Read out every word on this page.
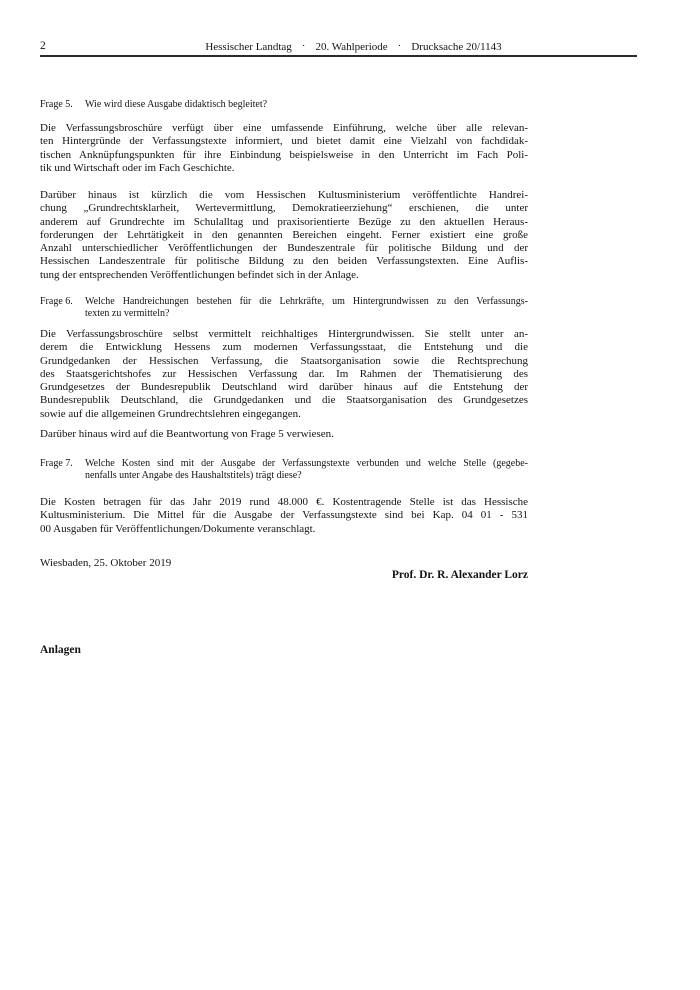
2	Hessischer Landtag · 20. Wahlperiode · Drucksache 20/1143
Frage 5. Wie wird diese Ausgabe didaktisch begleitet?
Die Verfassungsbroschüre verfügt über eine umfassende Einführung, welche über alle relevan-
ten Hintergründe der Verfassungstexte informiert, und bietet damit eine Vielzahl von fachdidak-
tischen Anknüpfungspunkten für ihre Einbindung beispielsweise in den Unterricht im Fach Poli-
tik und Wirtschaft oder im Fach Geschichte.
Darüber hinaus ist kürzlich die vom Hessischen Kultusministerium veröffentlichte Handrei-
chung „Grundrechtsklarheit, Wertevermittlung, Demokratieerziehung“ erschienen, die unter
anderem auf Grundrechte im Schulalltag und praxisorientierte Bezüge zu den aktuellen Heraus-
forderungen der Lehrtätigkeit in den genannten Bereichen eingeht. Ferner existiert eine große
Anzahl unterschiedlicher Veröffentlichungen der Bundeszentrale für politische Bildung und der
Hessischen Landeszentrale für politische Bildung zu den beiden Verfassungstexten. Eine Auflis-
tung der entsprechenden Veröffentlichungen befindet sich in der Anlage.
Frage 6. Welche Handreichungen bestehen für die Lehrkräfte, um Hintergrundwissen zu den Verfassungs-
texten zu vermitteln?
Die Verfassungsbroschüre selbst vermittelt reichhaltiges Hintergrundwissen. Sie stellt unter an-
derem die Entwicklung Hessens zum modernen Verfassungsstaat, die Entstehung und die
Grundgedanken der Hessischen Verfassung, die Staatsorganisation sowie die Rechtsprechung
des Staatsgerichtshofes zur Hessischen Verfassung dar. Im Rahmen der Thematisierung des
Grundgesetzes der Bundesrepublik Deutschland wird darüber hinaus auf die Entstehung der
Bundesrepublik Deutschland, die Grundgedanken und die Staatsorganisation des Grundgesetzes
sowie auf die allgemeinen Grundrechtslehren eingegangen.
Darüber hinaus wird auf die Beantwortung von Frage 5 verwiesen.
Frage 7. Welche Kosten sind mit der Ausgabe der Verfassungstexte verbunden und welche Stelle (gegebe-
nenfalls unter Angabe des Haushaltstitels) trägt diese?
Die Kosten betragen für das Jahr 2019 rund 48.000 €. Kostentragende Stelle ist das Hessische
Kultusministerium. Die Mittel für die Ausgabe der Verfassungstexte sind bei Kap. 04 01 - 531
00 Ausgaben für Veröffentlichungen/Dokumente veranschlagt.
Wiesbaden, 25. Oktober 2019
Prof. Dr. R. Alexander Lorz
Anlagen
